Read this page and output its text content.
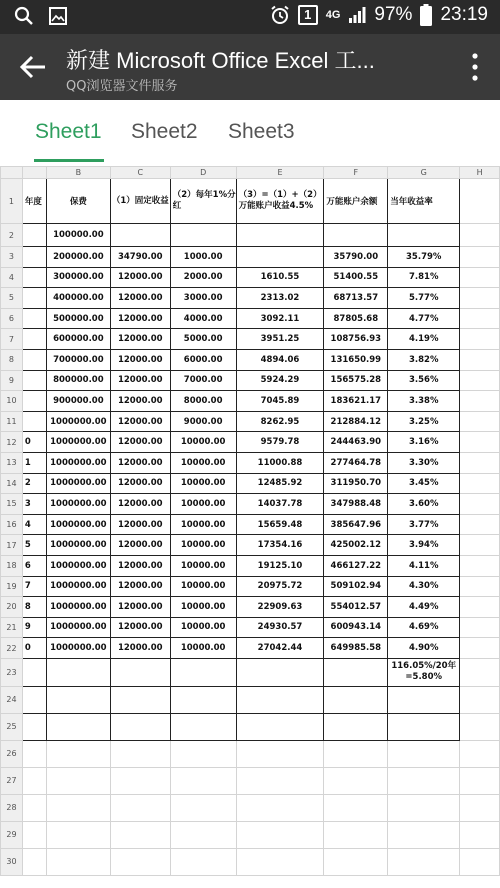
1	4G 97% 23:19
新建 Microsoft Office Excel 工...
QQ浏览器文件服务
Sheet1 Sheet2 Sheet3
		B	C	D	E	F	G	H
1	年度	保费	（1）固定收益	（2）每年1%分红	（3）=（1）+（2）万能账户收益4.5%	万能账户余额	当年收益率	
2		100000.00						
3		200000.00	34790.00	1000.00		35790.00	35.79%	
4		300000.00	12000.00	2000.00	1610.55	51400.55	7.81%	
5		400000.00	12000.00	3000.00	2313.02	68713.57	5.77%	
6		500000.00	12000.00	4000.00	3092.11	87805.68	4.77%	
7		600000.00	12000.00	5000.00	3951.25	108756.93	4.19%	
8		700000.00	12000.00	6000.00	4894.06	131650.99	3.82%	
9		800000.00	12000.00	7000.00	5924.29	156575.28	3.56%	
10		900000.00	12000.00	8000.00	7045.89	183621.17	3.38%	
11		1000000.00	12000.00	9000.00	8262.95	212884.12	3.25%	
12	0	1000000.00	12000.00	10000.00	9579.78	244463.90	3.16%	
13	1	1000000.00	12000.00	10000.00	11000.88	277464.78	3.30%	
14	2	1000000.00	12000.00	10000.00	12485.92	311950.70	3.45%	
15	3	1000000.00	12000.00	10000.00	14037.78	347988.48	3.60%	
16	4	1000000.00	12000.00	10000.00	15659.48	385647.96	3.77%	
17	5	1000000.00	12000.00	10000.00	17354.16	425002.12	3.94%	
18	6	1000000.00	12000.00	10000.00	19125.10	466127.22	4.11%	
19	7	1000000.00	12000.00	10000.00	20975.72	509102.94	4.30%	
20	8	1000000.00	12000.00	10000.00	22909.63	554012.57	4.49%	
21	9	1000000.00	12000.00	10000.00	24930.57	600943.14	4.69%	
22	0	1000000.00	12000.00	10000.00	27042.44	649985.58	4.90%	
23							116.05%/20年=5.80%	
24								
25								
26								
27								
28								
29								
30								
